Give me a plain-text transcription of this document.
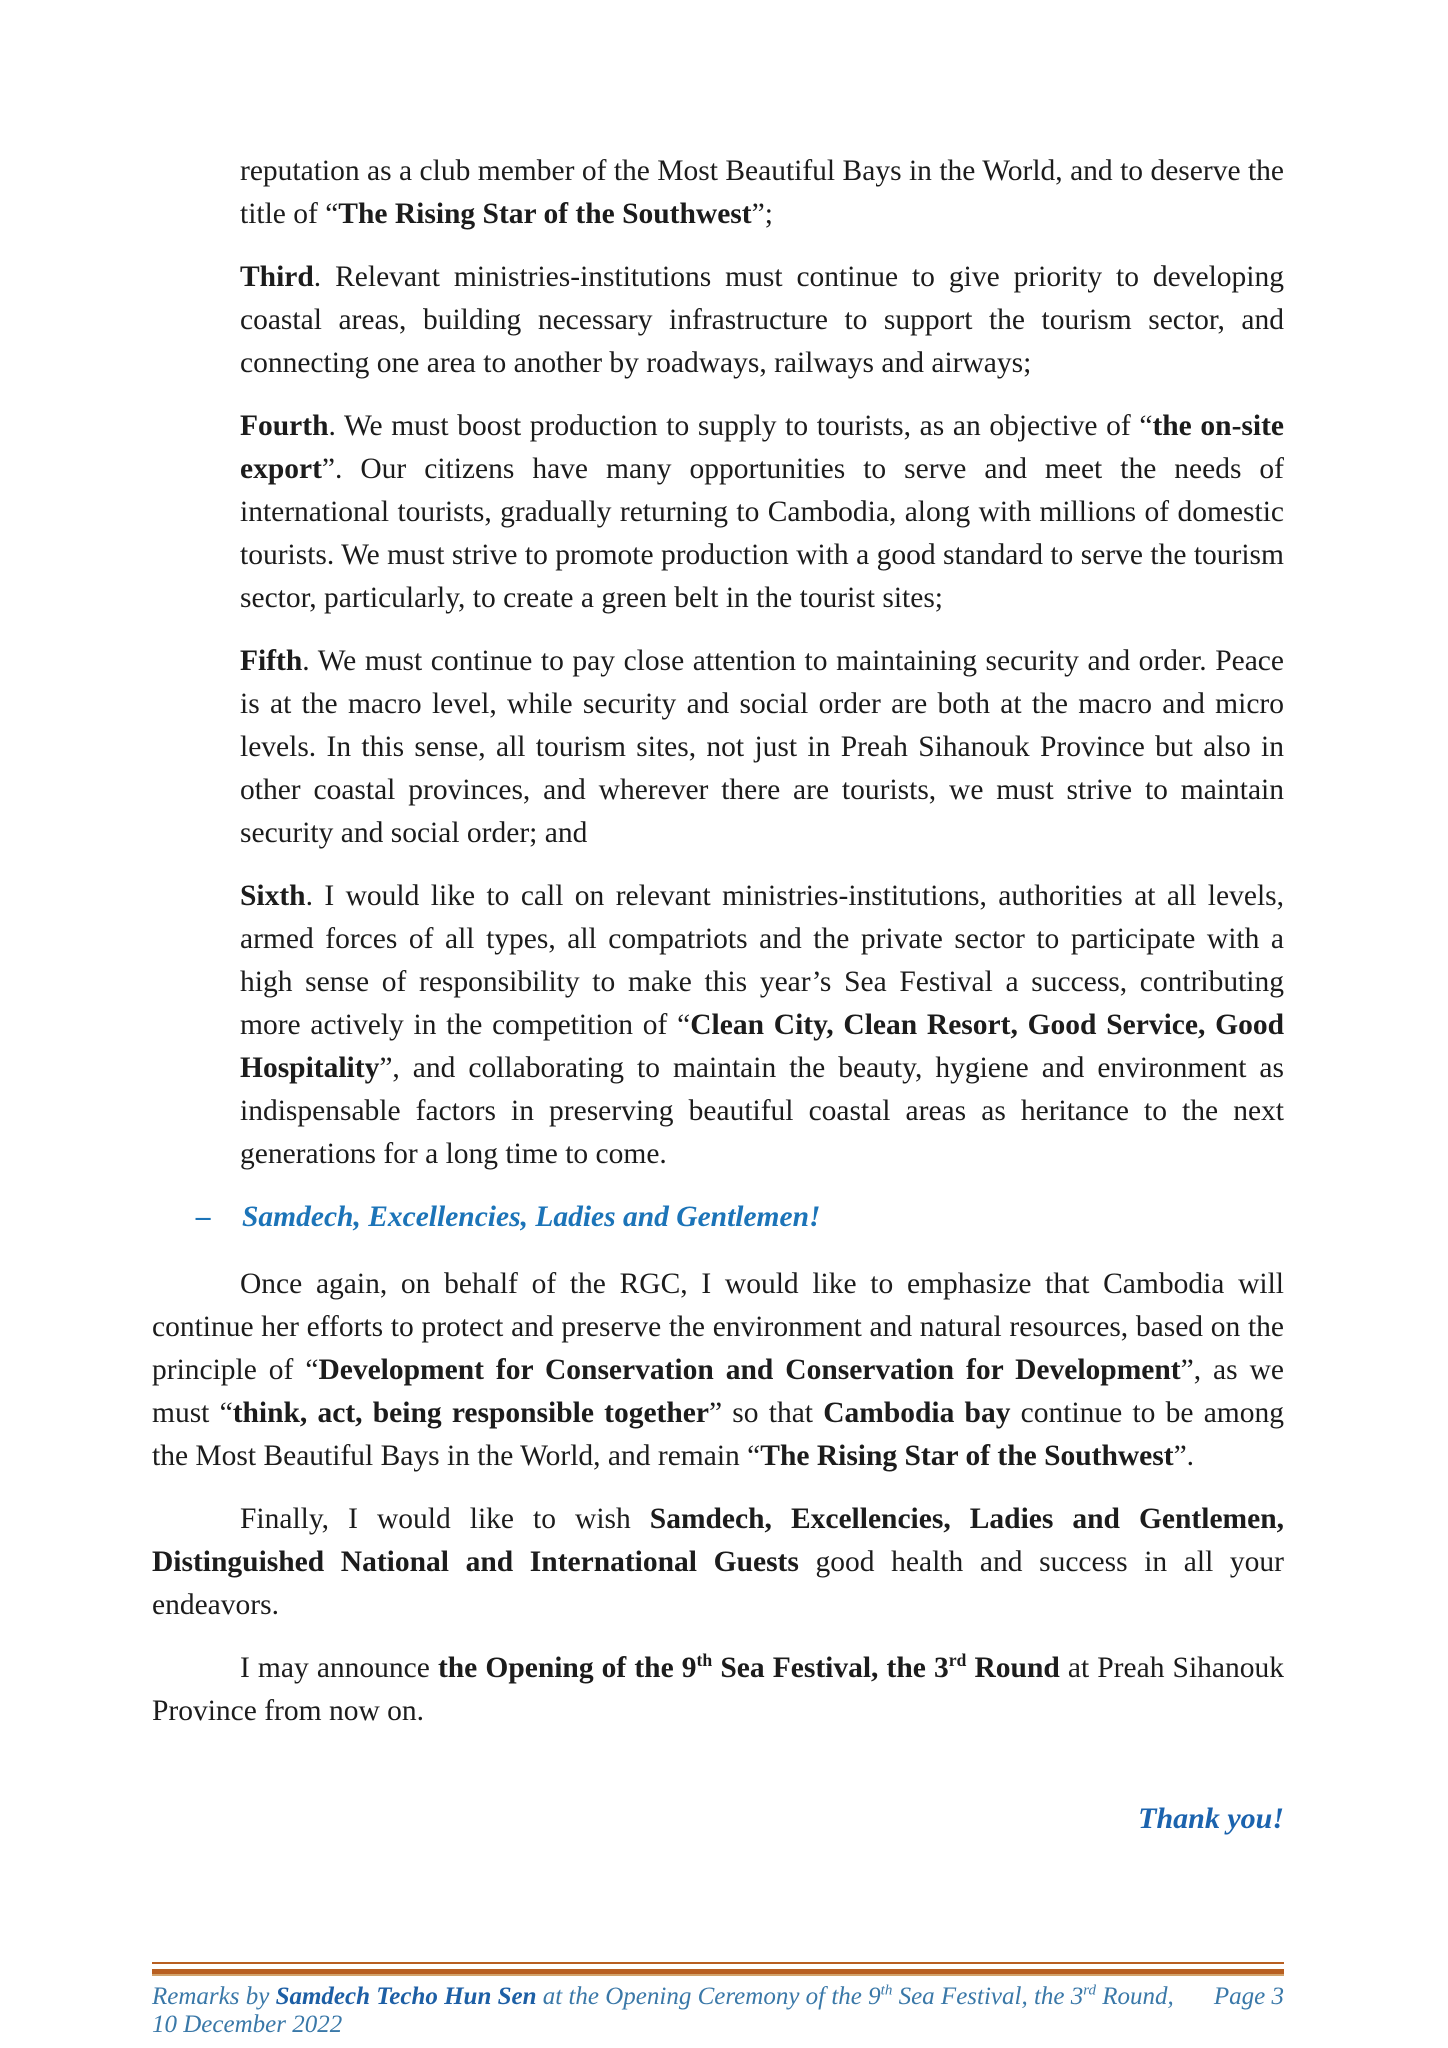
reputation as a club member of the Most Beautiful Bays in the World, and to deserve the title of “The Rising Star of the Southwest”;

Third. Relevant ministries-institutions must continue to give priority to developing coastal areas, building necessary infrastructure to support the tourism sector, and connecting one area to another by roadways, railways and airways;

Fourth. We must boost production to supply to tourists, as an objective of “the on-site export”. Our citizens have many opportunities to serve and meet the needs of international tourists, gradually returning to Cambodia, along with millions of domestic tourists. We must strive to promote production with a good standard to serve the tourism sector, particularly, to create a green belt in the tourist sites;

Fifth. We must continue to pay close attention to maintaining security and order. Peace is at the macro level, while security and social order are both at the macro and micro levels. In this sense, all tourism sites, not just in Preah Sihanouk Province but also in other coastal provinces, and wherever there are tourists, we must strive to maintain security and social order; and

Sixth. I would like to call on relevant ministries-institutions, authorities at all levels, armed forces of all types, all compatriots and the private sector to participate with a high sense of responsibility to make this year’s Sea Festival a success, contributing more actively in the competition of “Clean City, Clean Resort, Good Service, Good Hospitality”, and collaborating to maintain the beauty, hygiene and environment as indispensable factors in preserving beautiful coastal areas as heritance to the next generations for a long time to come.

–	Samdech, Excellencies, Ladies and Gentlemen!

Once again, on behalf of the RGC, I would like to emphasize that Cambodia will continue her efforts to protect and preserve the environment and natural resources, based on the principle of “Development for Conservation and Conservation for Development”, as we must “think, act, being responsible together” so that Cambodia bay continue to be among the Most Beautiful Bays in the World, and remain “The Rising Star of the Southwest”.

Finally, I would like to wish Samdech, Excellencies, Ladies and Gentlemen, Distinguished National and International Guests good health and success in all your endeavors.

I may announce the Opening of the 9th Sea Festival, the 3rd Round at Preah Sihanouk Province from now on.

Thank you!

Remarks by Samdech Techo Hun Sen at the Opening Ceremony of the 9th Sea Festival, the 3rd Round, 10 December 2022
Page 3
